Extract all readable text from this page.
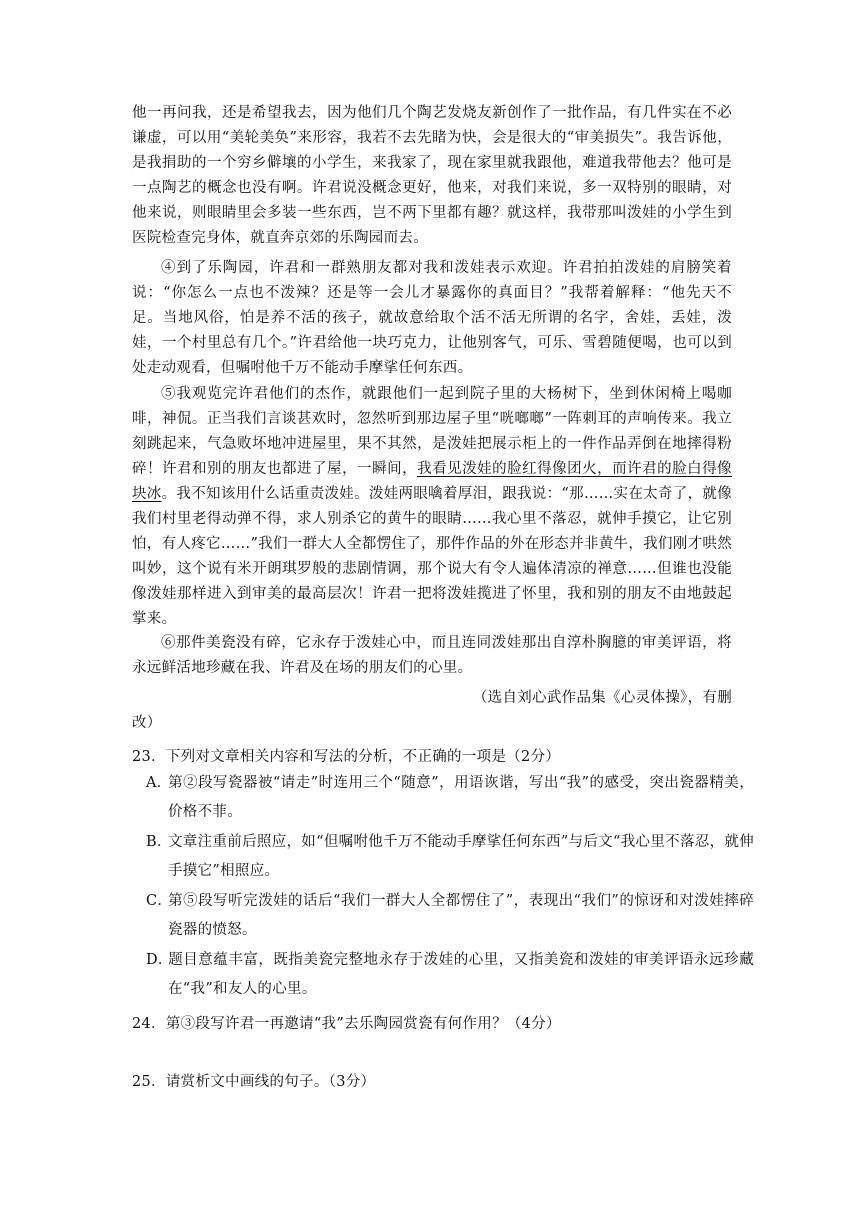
他一再问我，还是希望我去，因为他们几个陶艺发烧友新创作了一批作品，有几件实在不必谦虚，可以用“美轮美奂”来形容，我若不去先睹为快，会是很大的“审美损失”。我告诉他，是我捐助的一个穷乡僻壤的小学生，来我家了，现在家里就我跟他，难道我带他去？他可是一点陶艺的概念也没有啊。许君说没概念更好，他来，对我们来说，多一双特别的眼睛，对他来说，则眼睛里会多装一些东西，岂不两下里都有趣？就这样，我带那叫泼娃的小学生到医院检查完身体，就直奔京郊的乐陶园而去。

④到了乐陶园，许君和一群熟朋友都对我和泼娃表示欢迎。许君拍拍泼娃的肩膀笑着说：“你怎么一点也不泼辣？还是等一会儿才暴露你的真面目？”我帮着解释：“他先天不足。当地风俗，怕是养不活的孩子，就故意给取个活不活无所谓的名字，舍娃，丢娃，泼娃，一个村里总有几个。”许君给他一块巧克力，让他别客气，可乐、雪碧随便喝，也可以到处走动观看，但嘱咐他千万不能动手摩挲任何东西。

⑤我观览完许君他们的杰作，就跟他们一起到院子里的大杨树下，坐到休闲椅上喝咖啡，神侃。正当我们言谈甚欢时，忽然听到那边屋子里“咣啷啷”一阵刺耳的声响传来。我立刻跳起来，气急败坏地冲进屋里，果不其然，是泼娃把展示柜上的一件作品弄倒在地摔得粉碎！许君和别的朋友也都进了屋，一瞬间，我看见泼娃的脸红得像团火，而许君的脸白得像块冰。我不知该用什么话重责泼娃。泼娃两眼噙着厚泪，跟我说：“那……实在太奇了，就像我们村里老得动弹不得，求人别杀它的黄牛的眼睛……我心里不落忍，就伸手摸它，让它别怕，有人疼它……”我们一群大人全都愣住了，那件作品的外在形态并非黄牛，我们刚才哄然叫妙，这个说有米开朗琪罗般的悲剧情调，那个说大有令人遍体清凉的禅意……但谁也没能像泼娃那样进入到审美的最高层次！许君一把将泼娃揽进了怀里，我和别的朋友不由地鼓起掌来。

⑥那件美瓷没有碎，它永存于泼娃心中，而且连同泼娃那出自淳朴胸臆的审美评语，将永远鲜活地珍藏在我、许君及在场的朋友们的心里。

（选自刘心武作品集《心灵体操》，有删
改）

23．下列对文章相关内容和写法的分析，不正确的一项是（2分）

A．第②段写瓷器被“请走”时连用三个“随意”，用语诙谐，写出“我”的感受，突出瓷器精美，价格不菲。

B．文章注重前后照应，如“但嘱咐他千万不能动手摩挲任何东西”与后文“我心里不落忍，就伸手摸它”相照应。

C．第⑤段写听完泼娃的话后“我们一群大人全都愣住了”，表现出“我们”的惊讶和对泼娃摔碎瓷器的愤怒。

D．题目意蕴丰富，既指美瓷完整地永存于泼娃的心里，又指美瓷和泼娃的审美评语永远珍藏在“我”和友人的心里。

24．第③段写许君一再邀请“我”去乐陶园赏瓷有何作用？（4分）

25．请赏析文中画线的句子。（3分）
